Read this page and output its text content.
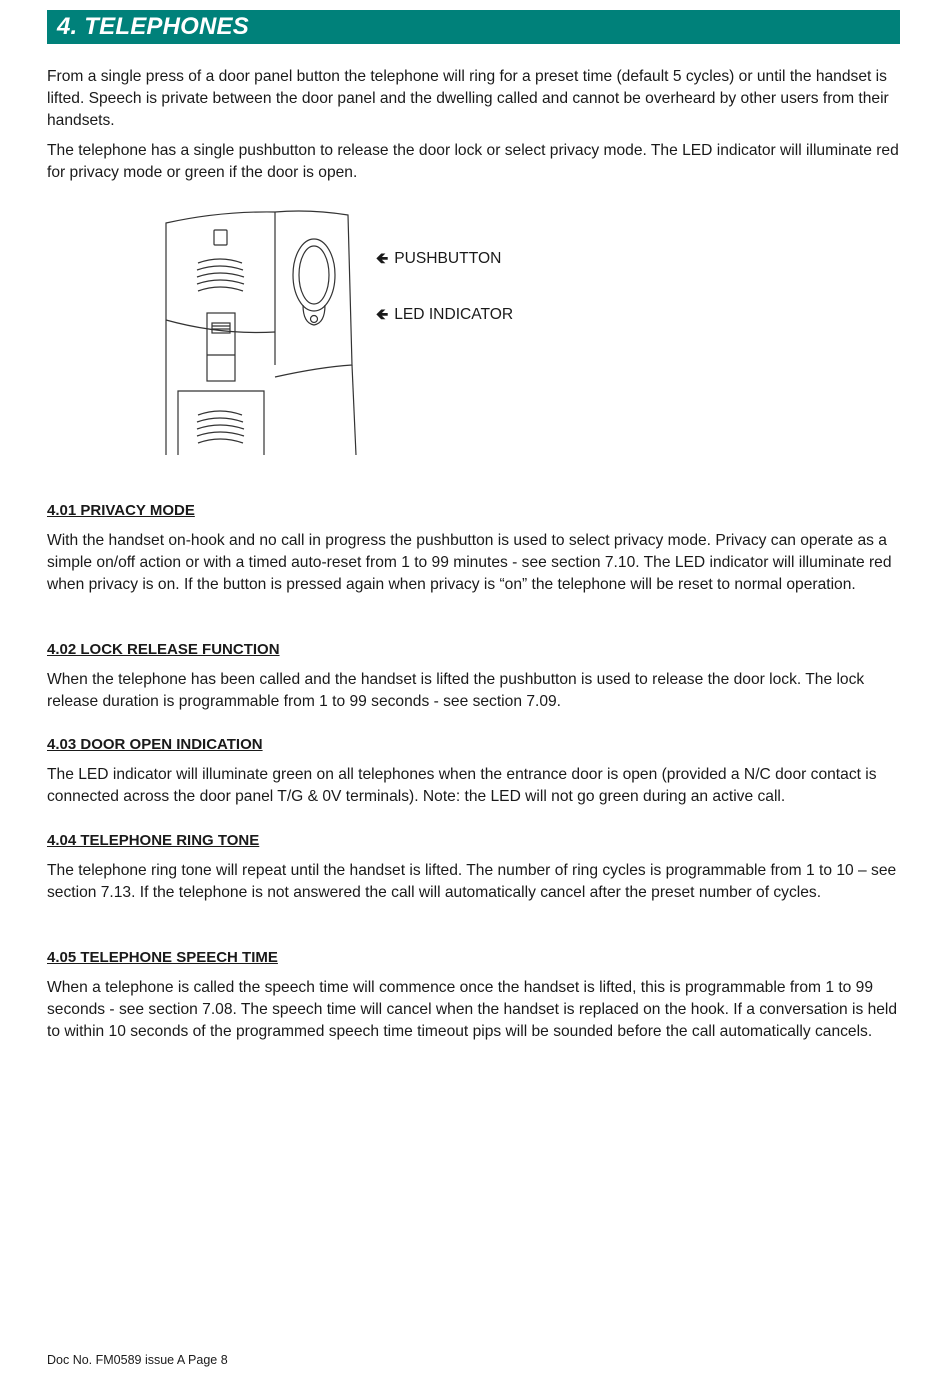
4. TELEPHONES

From a single press of a door panel button the telephone will ring for a preset time (default 5 cycles) or until the handset is lifted. Speech is private between the door panel and the dwelling called and cannot be overheard by other users from their handsets.

The telephone has a single pushbutton to release the door lock or select privacy mode. The LED indicator will illuminate red for privacy mode or green if the door is open.

🡸 PUSHBUTTON
🡸 LED INDICATOR
4.01 PRIVACY MODE

With the handset on-hook and no call in progress the pushbutton is used to select privacy mode. Privacy can operate as a simple on/off action or with a timed auto-reset from 1 to 99 minutes - see section 7.10. The LED indicator will illuminate red when privacy is on. If the button is pressed again when privacy is “on” the telephone will be reset to normal operation.

4.02 LOCK RELEASE FUNCTION

When the telephone has been called and the handset is lifted the pushbutton is used to release the door lock. The lock release duration is programmable from 1 to 99 seconds - see section 7.09.

4.03 DOOR OPEN INDICATION

The LED indicator will illuminate green on all telephones when the entrance door is open (provided a N/C door contact is connected across the door panel T/G & 0V terminals). Note: the LED will not go green during an active call.

4.04 TELEPHONE RING TONE

The telephone ring tone will repeat until the handset is lifted. The number of ring cycles is programmable from 1 to 10 – see section 7.13. If the telephone is not answered the call will automatically cancel after the preset number of cycles.

4.05 TELEPHONE SPEECH TIME

When a telephone is called the speech time will commence once the handset is lifted, this is programmable from 1 to 99 seconds - see section 7.08. The speech time will cancel when the handset is replaced on the hook. If a conversation is held to within 10 seconds of the programmed speech time timeout pips will be sounded before the call automatically cancels.

Doc No. FM0589 issue A Page 8
